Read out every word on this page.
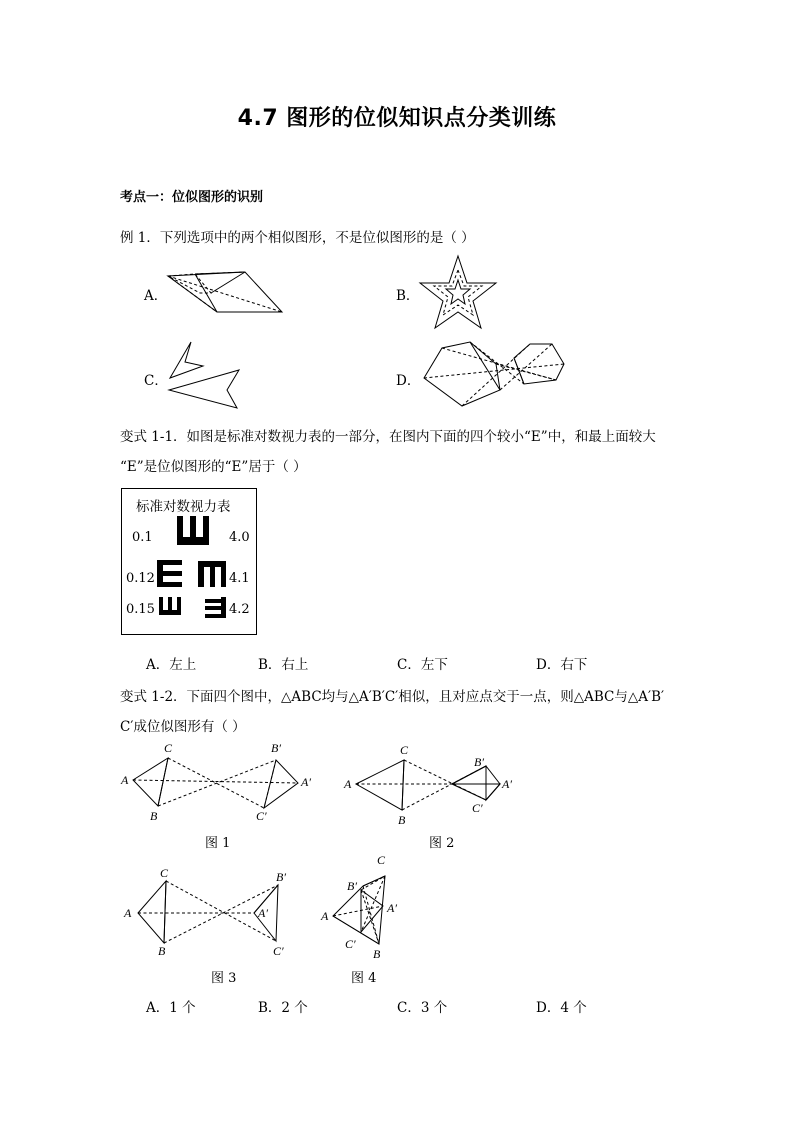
4.7 图形的位似知识点分类训练
考点一：位似图形的识别
例 1．下列选项中的两个相似图形，不是位似图形的是（ ）
A．	B．
C．	D．
变式 1-1．如图是标准对数视力表的一部分，在图内下面的四个较小“E”中，和最上面较大
“E”是位似图形的“E”居于（ ）
标准对数视力表
0.1
0.12
0.15
4.0
4.1
4.2
A．左上	B．右上	C．左下	D．右下
变式 1-2．下面四个图中，△ABC均与△A′B′C′相似，且对应点交于一点，则△ABC与△A′B′
C′成位似图形有（ ）
A
C
B
B′
A′
C′
图 1
A
C
B
B′
A′
C′
图 2
A
C
B
B′
A′
C′
图 3
A
C
B
B′
A′
C′
图 4
A．1 个	B．2 个	C．3 个	D．4 个
